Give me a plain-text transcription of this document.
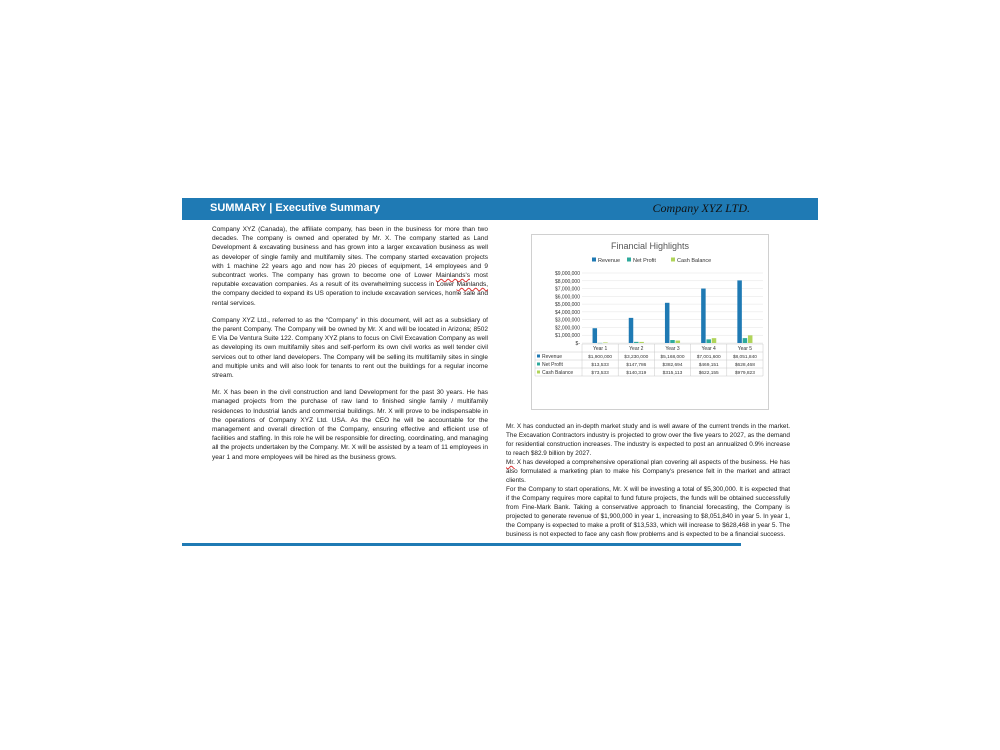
SUMMARY | Executive Summary	Company XYZ LTD.

Company XYZ (Canada), the affiliate company, has been in the business for more than two decades. The company is owned and operated by Mr. X. The company started as Land Development & excavating business and has grown into a larger excavation business as well as developer of single family and multifamily sites. The company started excavation projects with 1 machine 22 years ago and now has 20 pieces of equipment, 14 employees and 9 subcontract works. The company has grown to become one of Lower Mainlands's most reputable excavation companies. As a result of its overwhelming success in Lower Mainlands, the company decided to expand its US operation to include excavation services, home sale and rental services.

Company XYZ Ltd., referred to as the “Company” in this document, will act as a subsidiary of the parent Company. The Company will be owned by Mr. X and will be located in Arizona; 8502 E Via De Ventura Suite 122. Company XYZ plans to focus on Civil Excavation Company as well as developing its own multifamily sites and self-perform its own civil works as well tender civil services out to other land developers. The Company will be selling its multifamily sites in single and multiple units and will also look for tenants to rent out the buildings for a regular income stream.

Mr. X has been in the civil construction and land Development for the past 30 years. He has managed projects from the purchase of raw land to finished single family / multifamily residences to Industrial lands and commercial buildings. Mr. X will prove to be indispensable in the operations of Company XYZ Ltd. USA. As the CEO he will be accountable for the management and overall direction of the Company, ensuring effective and efficient use of facilities and staffing. In this role he will be responsible for directing, coordinating, and managing all the projects undertaken by the Company. Mr. X will be assisted by a team of 11 employees in year 1 and more employees will be hired as the business grows.

Financial Highlights
Revenue Net Profit	Cash Balance
$9,000,000
$8,000,000
$7,000,000
$6,000,000
$5,000,000
$4,000,000
$3,000,000
$2,000,000
$1,000,000
$-
Year 1	Year 2	Year 3	Year 4	Year 5
Revenue	$1,900,000	$3,230,000	$5,168,000	$7,001,600	$8,051,840
Net Profit	$13,533	$147,786	$382,694	$469,151	$628,468
Cash Balance	$73,533	$140,319	$315,113	$622,155	$979,823

Mr. X has conducted an in-depth market study and is well aware of the current trends in the market. The Excavation Contractors industry is projected to grow over the five years to 2027, as the demand for residential construction increases. The industry is expected to post an annualized 0.9% increase to reach $82.9 billion by 2027.

Mr. X has developed a comprehensive operational plan covering all aspects of the business. He has also formulated a marketing plan to make his Company's presence felt in the market and attract clients.

For the Company to start operations, Mr. X will be investing a total of $5,300,000. It is expected that if the Company requires more capital to fund future projects, the funds will be obtained successfully from Fine-Mark Bank. Taking a conservative approach to financial forecasting, the Company is projected to generate revenue of $1,900,000 in year 1, increasing to $8,051,840 in year 5. In year 1, the Company is expected to make a profit of $13,533, which will increase to $628,468 in year 5. The business is not expected to face any cash flow problems and is expected to be a financial success.
